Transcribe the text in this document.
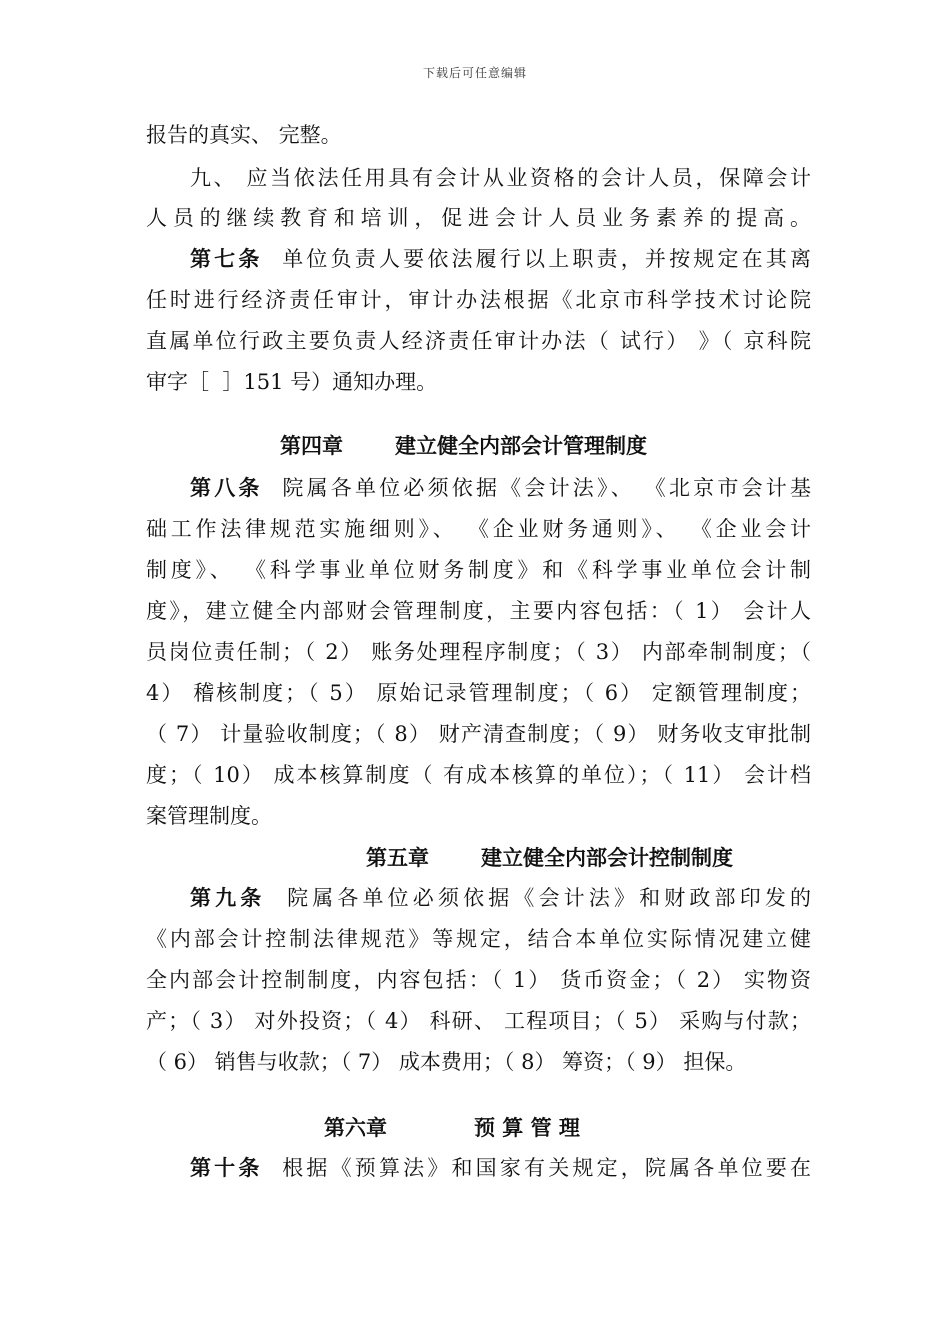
下载后可任意编辑
报告的真实、 完整。
九、 应当依法任用具有会计从业资格的会计人员，保障会计
人员的继续教育和培训，促进会计人员业务素养的提高。
第七条  单位负责人要依法履行以上职责，并按规定在其离
任时进行经济责任审计，审计办法根据《北京市科学技术讨论院
直属单位行政主要负责人经济责任审计办法（ 试行） 》（ 京科院
审字［  ］151 号）通知办理。
第四章 建立健全内部会计管理制度
第八条  院属各单位必须依据《会计法》、 《北京市会计基
础工作法律规范实施细则》、 《企业财务通则》、 《企业会计
制度》、 《科学事业单位财务制度》和《科学事业单位会计制
度》，建立健全内部财会管理制度，主要内容包括：（ 1） 会计人
员岗位责任制；（ 2） 账务处理程序制度；（ 3） 内部牵制制度；（
4） 稽核制度；（ 5） 原始记录管理制度；（ 6） 定额管理制度；
（ 7） 计量验收制度；（ 8） 财产清查制度；（ 9） 财务收支审批制
度；（ 10） 成本核算制度（ 有成本核算的单位）；（ 11） 会计档
案管理制度。
第五章 建立健全内部会计控制制度
第九条  院属各单位必须依据《会计法》和财政部印发的
《内部会计控制法律规范》等规定，结合本单位实际情况建立健
全内部会计控制制度，内容包括：（ 1） 货币资金；（ 2） 实物资
产；（ 3） 对外投资；（ 4） 科研、 工程项目；（ 5） 采购与付款；
（ 6） 销售与收款；（ 7） 成本费用；（ 8） 筹资；（ 9） 担保。
第六章	预 算 管 理
第十条  根据《预算法》和国家有关规定，院属各单位要在
